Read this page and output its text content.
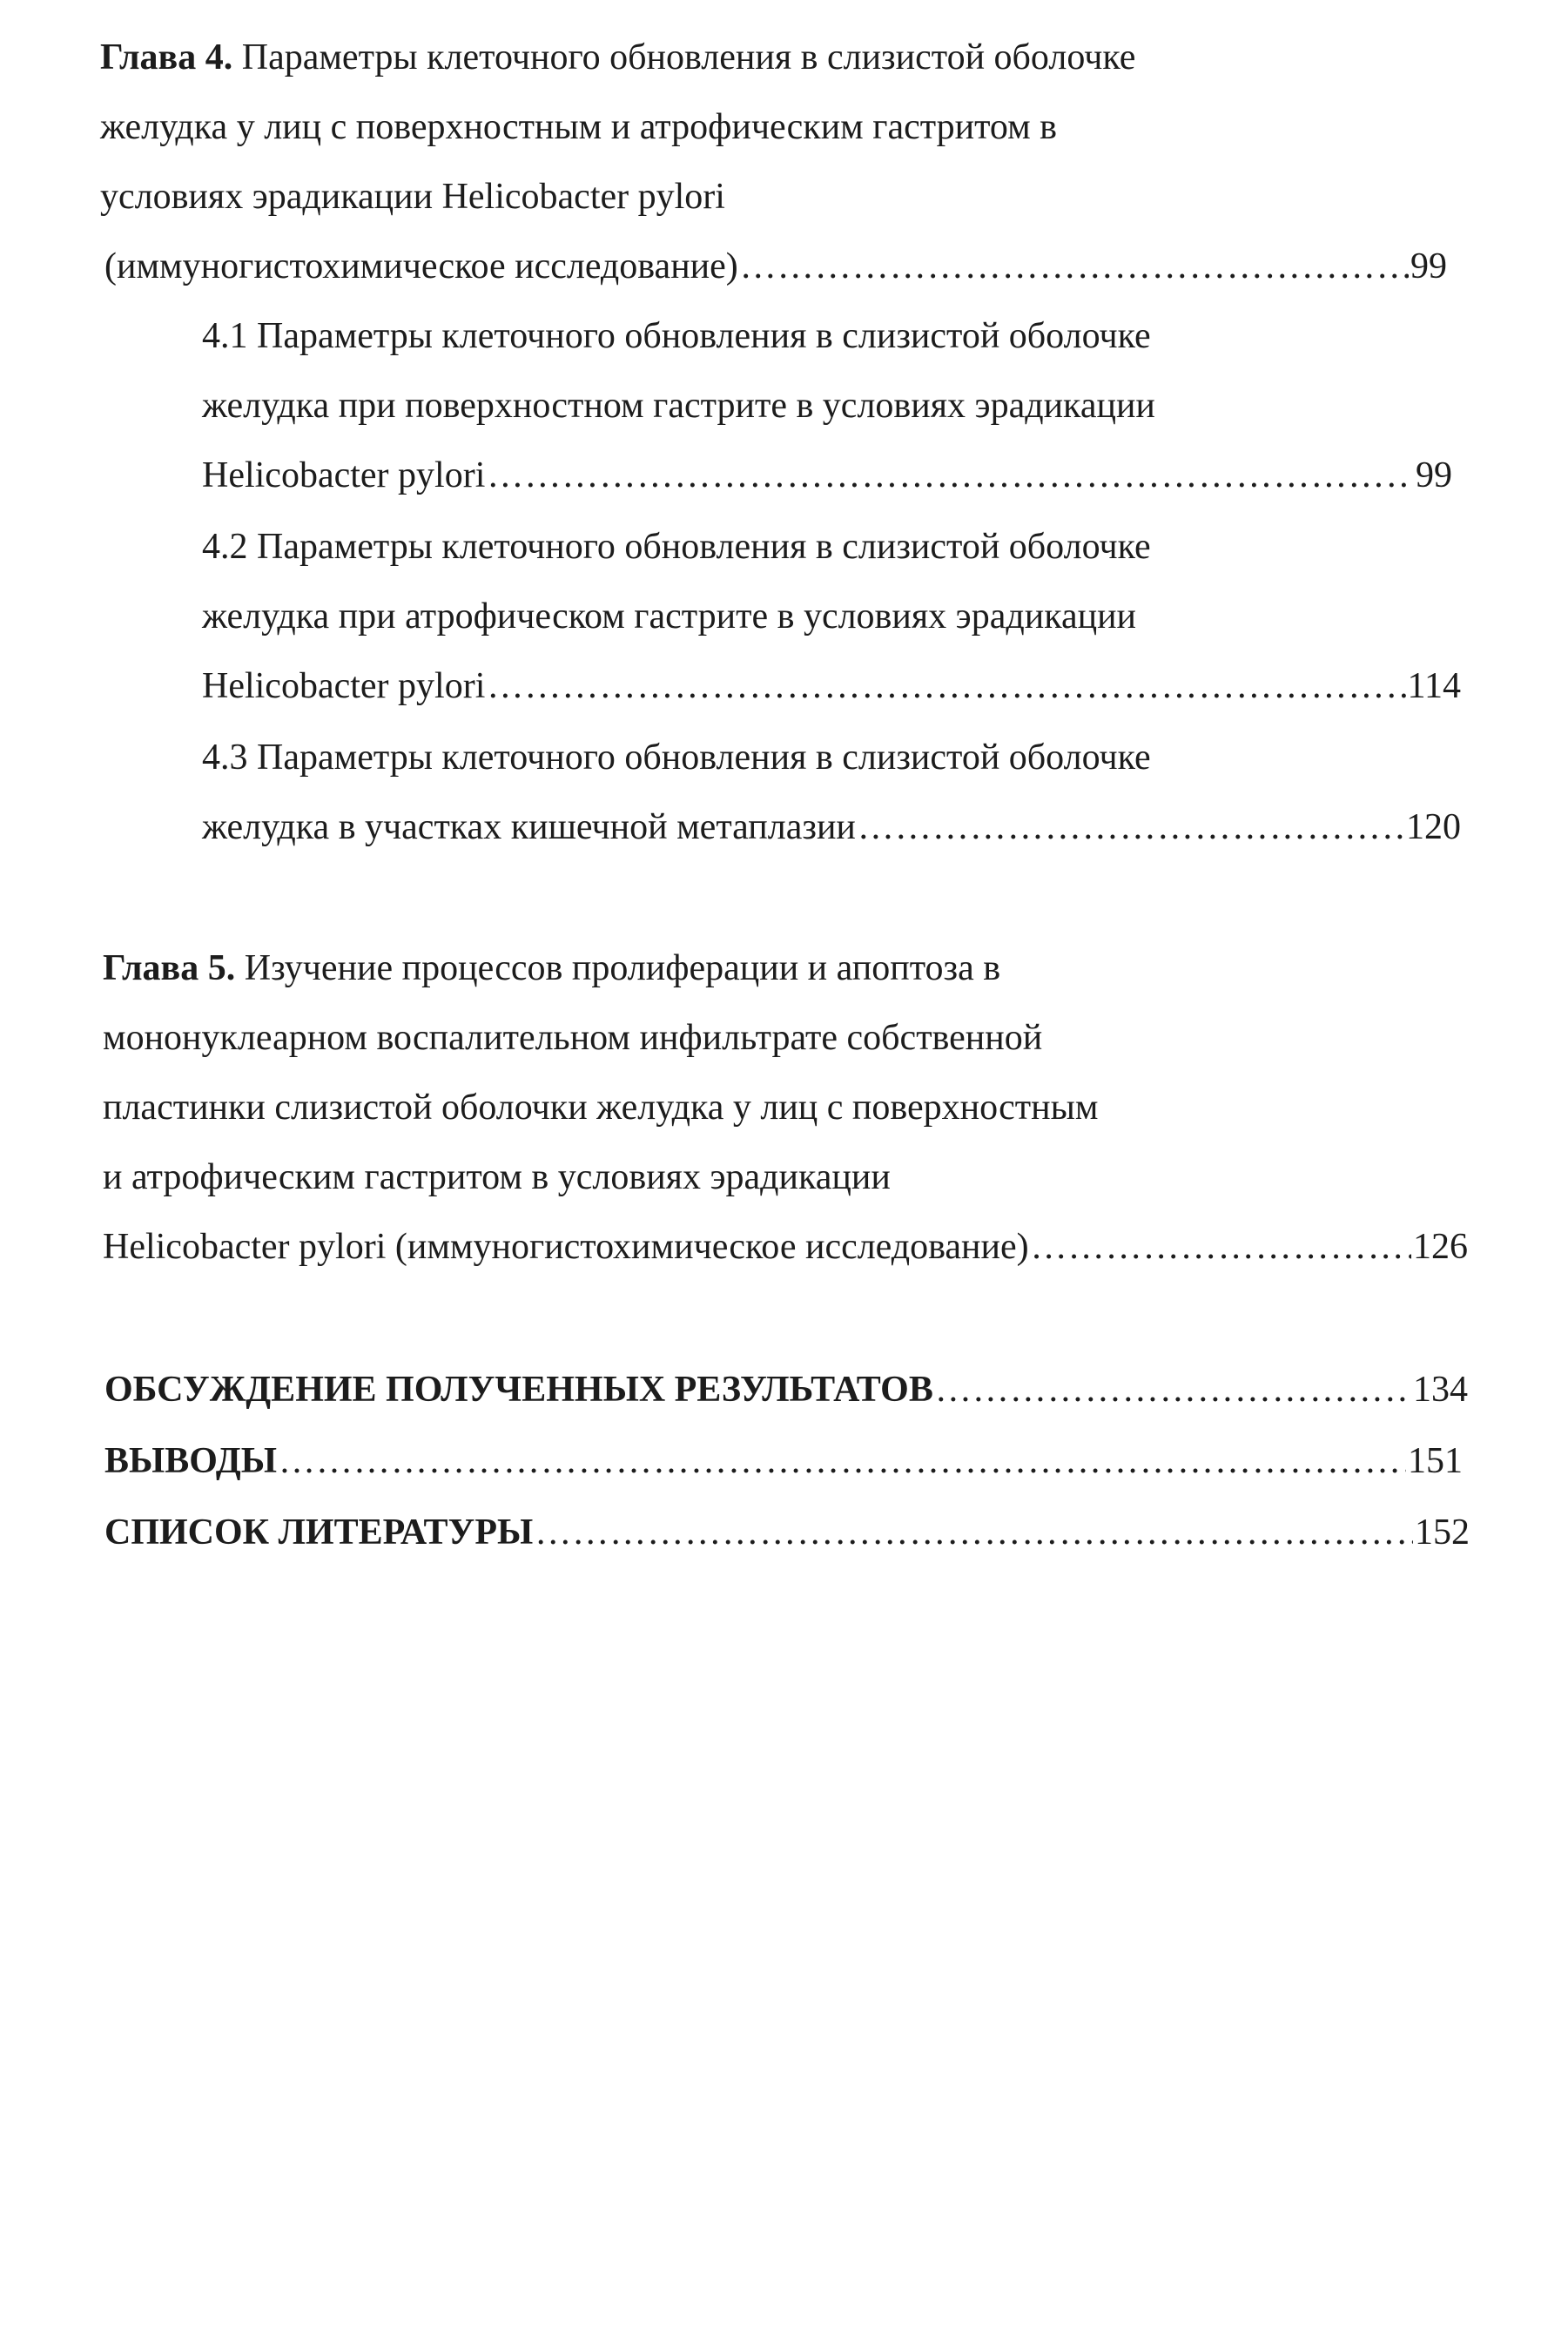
Глава 4. Параметры клеточного обновления в слизистой оболочке
желудка у лиц с поверхностным и атрофическим гастритом в
условиях эрадикации Helicobacter pylori
(иммуногистохимическое исследование) ……………………………………………………………………………………………………………………………………………………………………………………………………	99
4.1 Параметры клеточного обновления в слизистой оболочке
желудка при поверхностном гастрите в условиях эрадикации
Helicobacter pylori ……………………………………………………………………………………………………………………………………………………………………………………………………	99
4.2 Параметры клеточного обновления в слизистой оболочке
желудка при атрофическом гастрите в условиях эрадикации
Helicobacter pylori ……………………………………………………………………………………………………………………………………………………………………………………………………	114
4.3 Параметры клеточного обновления в слизистой оболочке
желудка в участках кишечной метаплазии ……………………………………………………………………………………………………………………………………………………………………………………………………	120
Глава 5. Изучение процессов пролиферации и апоптоза в
мононуклеарном воспалительном инфильтрате собственной
пластинки слизистой оболочки желудка у лиц с поверхностным
и атрофическим гастритом в условиях эрадикации
Helicobacter pylori (иммуногистохимическое исследование) ……………………………………………………………………………………………………………………………………………………………………………………………………	126
ОБСУЖДЕНИЕ ПОЛУЧЕННЫХ РЕЗУЛЬТАТОВ ……………………………………………………………………………………………………………………………………………………………………………………………………	134
ВЫВОДЫ ……………………………………………………………………………………………………………………………………………………………………………………………………	151
СПИСОК ЛИТЕРАТУРЫ ……………………………………………………………………………………………………………………………………………………………………………………………………	152
